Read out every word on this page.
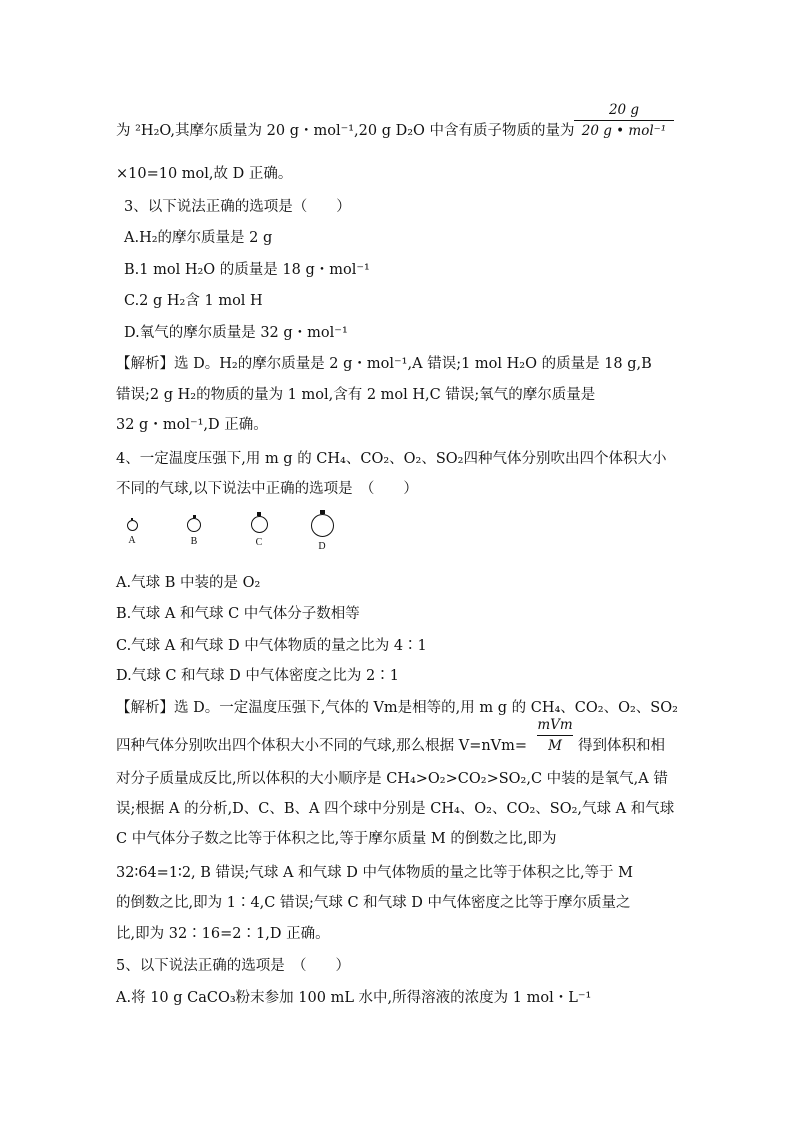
为 ²H₂O,其摩尔质量为 20 g・mol⁻¹,20 g D₂O 中含有质子物质的量为
20 g
20 g • mol⁻¹
×10=10 mol,故 D 正确。
3、以下说法正确的选项是（　　）
A.H₂的摩尔质量是 2 g
B.1 mol H₂O 的质量是 18 g・mol⁻¹
C.2 g H₂含 1 mol H
D.氧气的摩尔质量是 32 g・mol⁻¹
【解析】选 D。H₂的摩尔质量是 2 g・mol⁻¹,A 错误;1 mol H₂O 的质量是 18 g,B
错误;2 g H₂的物质的量为 1 mol,含有 2 mol H,C 错误;氧气的摩尔质量是
32 g・mol⁻¹,D 正确。
4、一定温度压强下,用 m g 的 CH₄、CO₂、O₂、SO₂四种气体分别吹出四个体积大小
不同的气球,以下说法中正确的选项是　（　　）
A	B	C	D
A.气球 B 中装的是 O₂
B.气球 A 和气球 C 中气体分子数相等
C.气球 A 和气球 D 中气体物质的量之比为 4∶1
D.气球 C 和气球 D 中气体密度之比为 2∶1
【解析】选 D。一定温度压强下,气体的 Vm是相等的,用 m g 的 CH₄、CO₂、O₂、SO₂
四种气体分别吹出四个体积大小不同的气球,那么根据 V=nVm=
mVm
M	得到体积和相
对分子质量成反比,所以体积的大小顺序是 CH₄>O₂>CO₂>SO₂,C 中装的是氧气,A 错
误;根据 A 的分析,D、C、B、A 四个球中分别是 CH₄、O₂、CO₂、SO₂,气球 A 和气球
C 中气体分子数之比等于体积之比,等于摩尔质量 M 的倒数之比,即为
32∶64=1∶2, B 错误;气球 A 和气球 D 中气体物质的量之比等于体积之比,等于 M
的倒数之比,即为 1∶4,C 错误;气球 C 和气球 D 中气体密度之比等于摩尔质量之
比,即为 32∶16=2∶1,D 正确。
5、以下说法正确的选项是　（　　）
A.将 10 g CaCO₃粉末参加 100 mL 水中,所得溶液的浓度为 1 mol・L⁻¹
